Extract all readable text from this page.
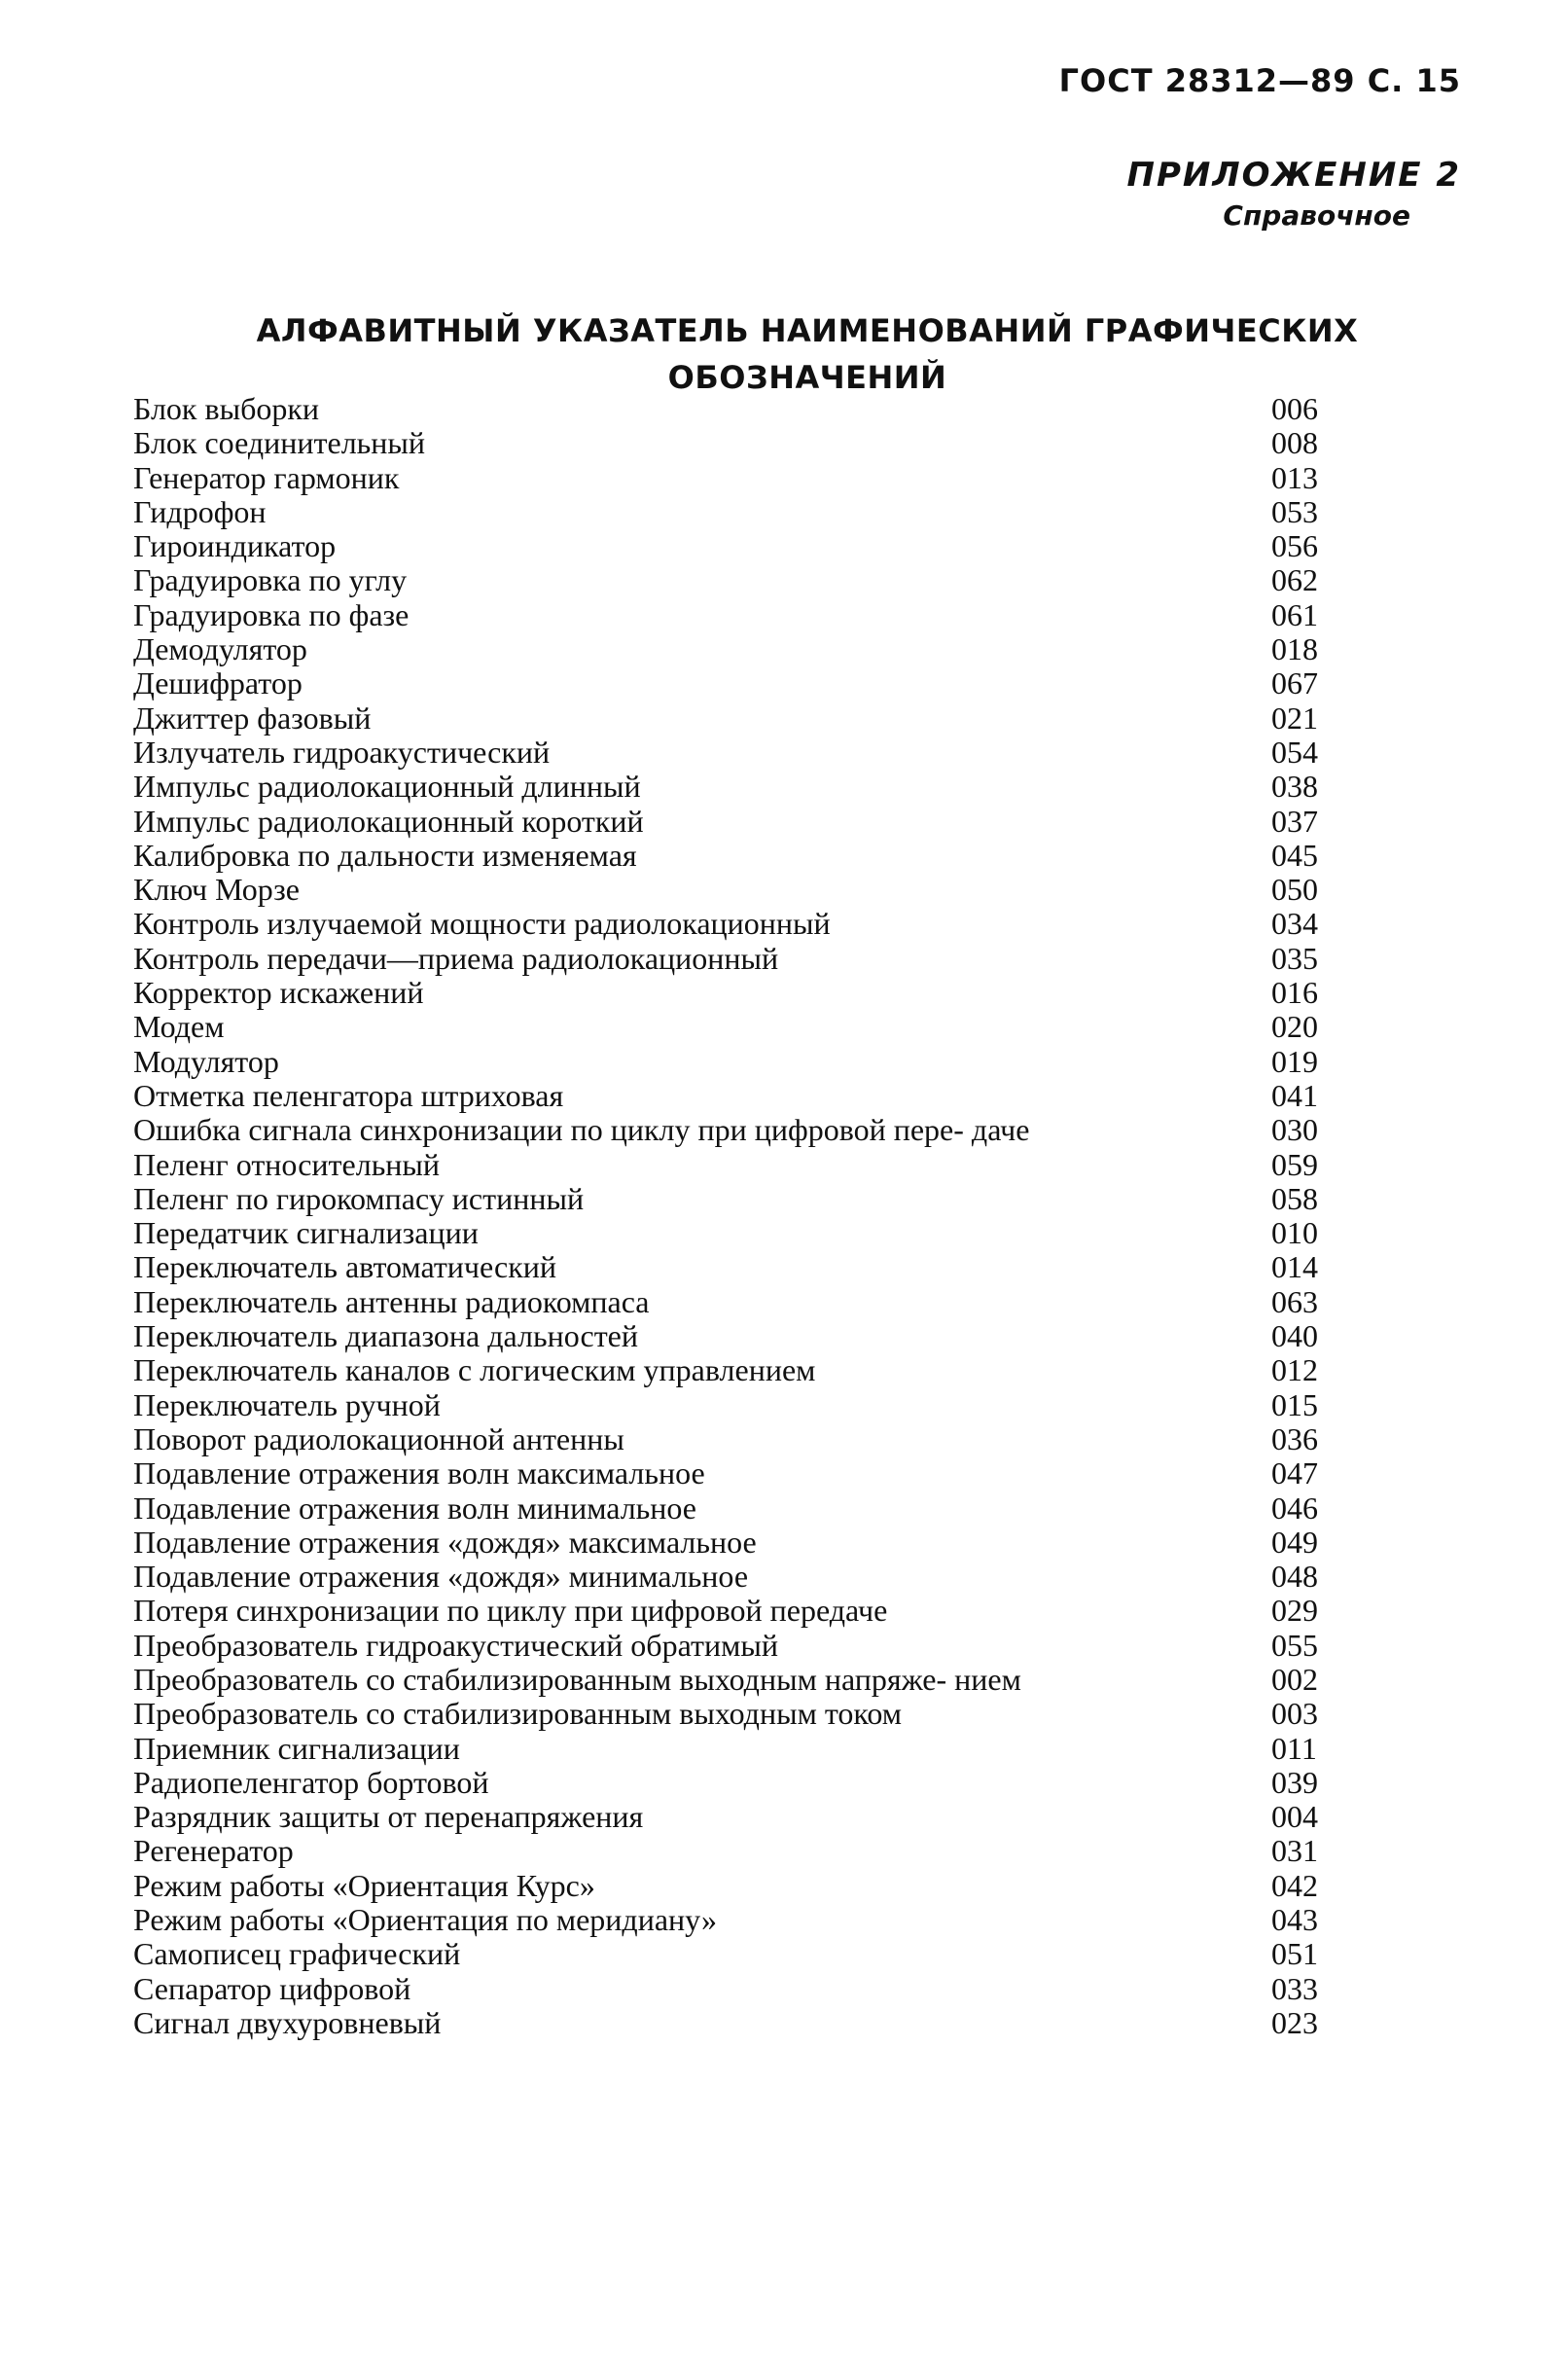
ГОСТ 28312—89 С. 15
ПРИЛОЖЕНИЕ 2
Справочное
АЛФАВИТНЫЙ УКАЗАТЕЛЬ НАИМЕНОВАНИЙ ГРАФИЧЕСКИХ
ОБОЗНАЧЕНИЙ
Блок выборки	006
Блок соединительный	008
Генератор гармоник	013
Гидрофон	053
Гироиндикатор	056
Градуировка по углу	062
Градуировка по фазе	061
Демодулятор	018
Дешифратор	067
Джиттер фазовый	021
Излучатель гидроакустический	054
Импульс радиолокационный длинный	038
Импульс радиолокационный короткий	037
Калибровка по дальности изменяемая	045
Ключ Морзе	050
Контроль излучаемой мощности радиолокационный	034
Контроль передачи—приема радиолокационный	035
Корректор искажений	016
Модем	020
Модулятор	019
Отметка пеленгатора штриховая	041
Ошибка сигнала синхронизации по циклу при цифровой пере- даче	030
Пеленг относительный	059
Пеленг по гирокомпасу истинный	058
Передатчик сигнализации	010
Переключатель автоматический	014
Переключатель антенны радиокомпаса	063
Переключатель диапазона дальностей	040
Переключатель каналов с логическим управлением	012
Переключатель ручной	015
Поворот радиолокационной антенны	036
Подавление отражения волн максимальное	047
Подавление отражения волн минимальное	046
Подавление отражения «дождя» максимальное	049
Подавление отражения «дождя» минимальное	048
Потеря синхронизации по циклу при цифровой передаче	029
Преобразователь гидроакустический обратимый	055
Преобразователь со стабилизированным выходным напряже- нием	002
Преобразователь со стабилизированным выходным током	003
Приемник сигнализации	011
Радиопеленгатор бортовой	039
Разрядник защиты от перенапряжения	004
Регенератор	031
Режим работы «Ориентация Курс»	042
Режим работы «Ориентация по меридиану»	043
Самописец графический	051
Сепаратор цифровой	033
Сигнал двухуровневый	023
